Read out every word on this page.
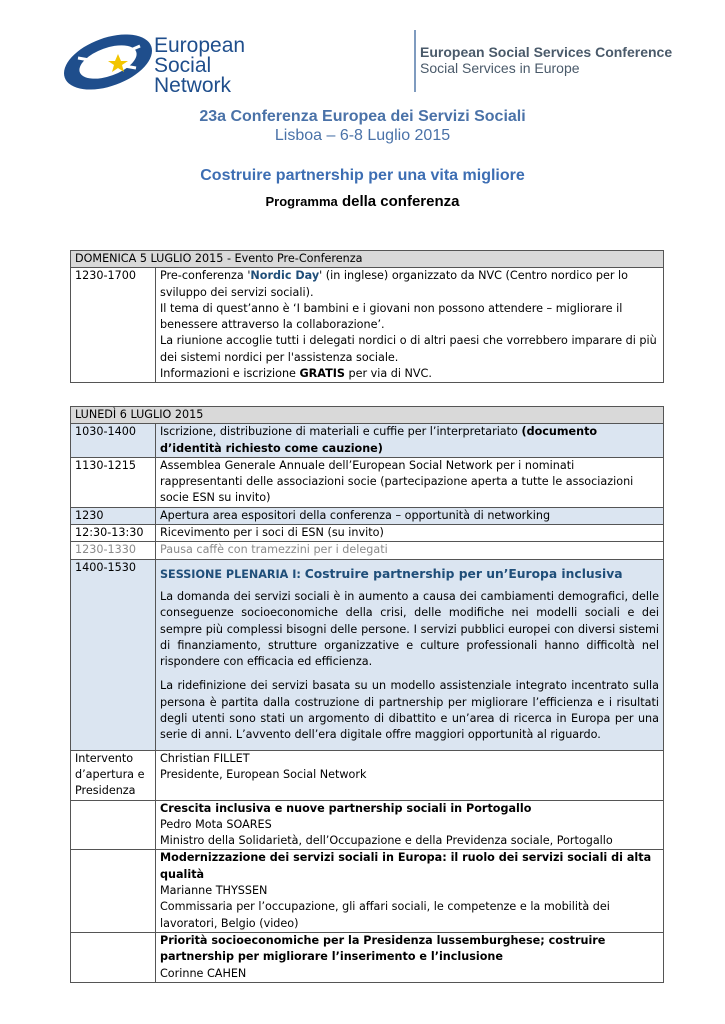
European
Social
Network
European Social Services Conference
Social Services in Europe
23a Conferenza Europea dei Servizi Sociali
Lisboa – 6-8 Luglio 2015
Costruire partnership per una vita migliore
Programma della conferenza
DOMENICA 5 LUGLIO 2015 - Evento Pre-Conferenza
1230-1700	Pre-conferenza 'Nordic Day' (in inglese) organizzato da NVC (Centro nordico per lo sviluppo dei servizi sociali).
Il tema di quest’anno è ‘I bambini e i giovani non possono attendere – migliorare il benessere attraverso la collaborazione’.
La riunione accoglie tutti i delegati nordici o di altri paesi che vorrebbero imparare di più dei sistemi nordici per l'assistenza sociale.
Informazioni e iscrizione GRATIS per via di NVC.
LUNEDÌ 6 LUGLIO 2015	
1030-1400	Iscrizione, distribuzione di materiali e cuffie per l’interpretariato (documento d’identità richiesto come cauzione)
1130-1215	Assemblea Generale Annuale dell’European Social Network per i nominati rappresentanti delle associazioni socie (partecipazione aperta a tutte le associazioni socie ESN su invito)
1230	Apertura area espositori della conferenza – opportunità di networking
12:30-13:30	Ricevimento per i soci di ESN (su invito)
1230-1330	Pausa caffè con tramezzini per i delegati
1400-1530	SESSIONE PLENARIA I: Costruire partnership per un’Europa inclusiva
La domanda dei servizi sociali è in aumento a causa dei cambiamenti demografici, delle conseguenze socioeconomiche della crisi, delle modifiche nei modelli sociali e dei sempre più complessi bisogni delle persone. I servizi pubblici europei con diversi sistemi di finanziamento, strutture organizzative e culture professionali hanno difficoltà nel rispondere con efficacia ed efficienza.
La ridefinizione dei servizi basata su un modello assistenziale integrato incentrato sulla persona è partita dalla costruzione di partnership per migliorare l’efficienza e i risultati degli utenti sono stati un argomento di dibattito e un’area di ricerca in Europa per una serie di anni. L’avvento dell’era digitale offre maggiori opportunità al riguardo.

Intervento d’apertura e Presidenza	Christian FILLET
Presidente, European Social Network

	Crescita inclusiva e nuove partnership sociali in Portogallo
Pedro Mota SOARES
Ministro della Solidarietà, dell’Occupazione e della Previdenza sociale, Portogallo

	Modernizzazione dei servizi sociali in Europa: il ruolo dei servizi sociali di alta qualità
Marianne THYSSEN
Commissaria per l’occupazione, gli affari sociali, le competenze e la mobilità dei lavoratori, Belgio (video)

	Priorità socioeconomiche per la Presidenza lussemburghese; costruire partnership per migliorare l’inserimento e l’inclusione
Corinne CAHEN
